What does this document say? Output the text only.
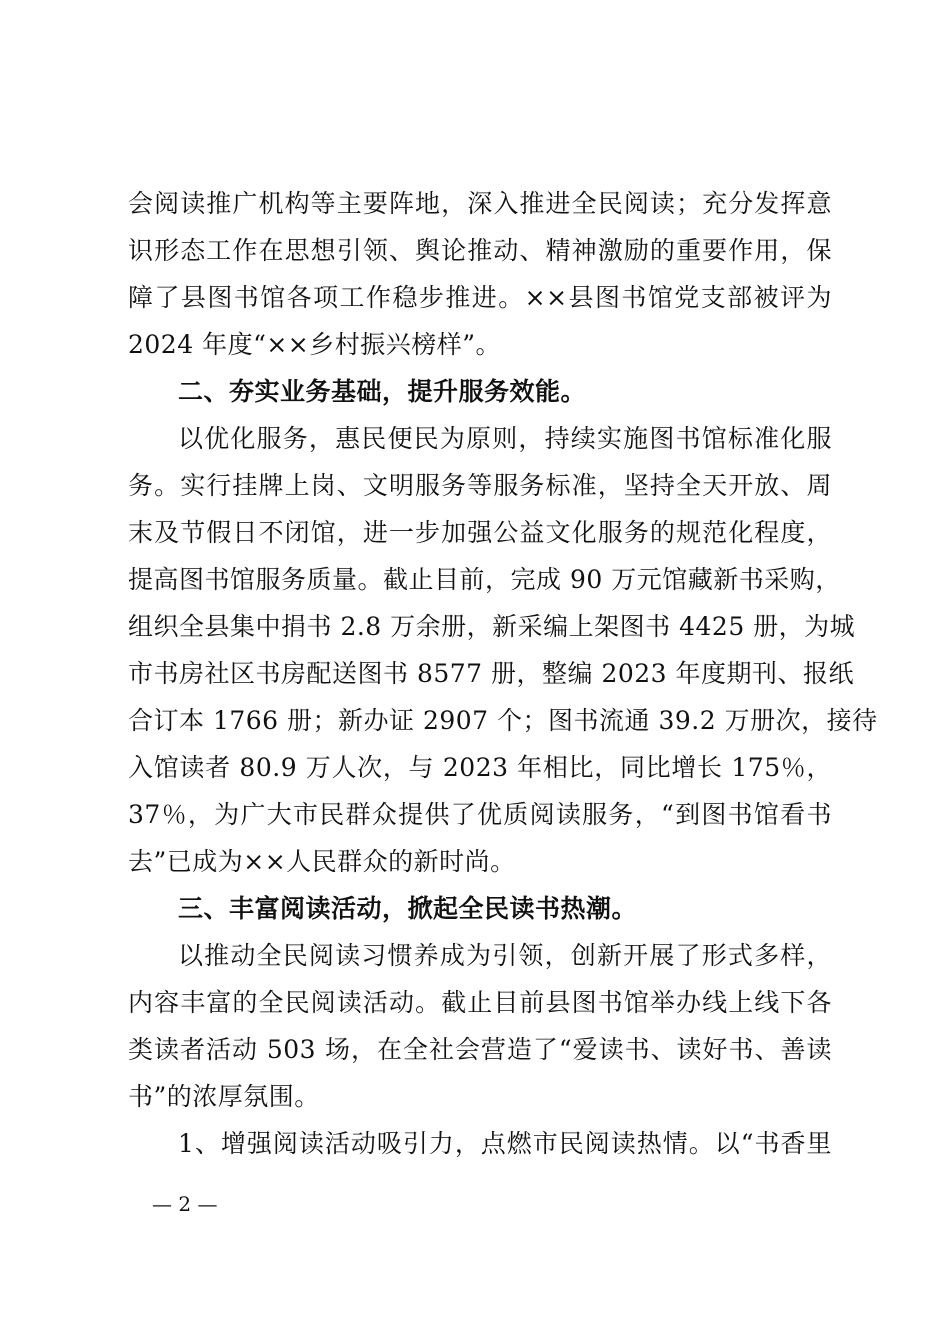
会阅读推广机构等主要阵地，深入推进全民阅读；充分发挥意
识形态工作在思想引领、舆论推动、精神激励的重要作用，保
障了县图书馆各项工作稳步推进。××县图书馆党支部被评为
2024 年度“××乡村振兴榜样”。
二、夯实业务基础，提升服务效能。
以优化服务，惠民便民为原则，持续实施图书馆标准化服
务。实行挂牌上岗、文明服务等服务标准，坚持全天开放、周
末及节假日不闭馆，进一步加强公益文化服务的规范化程度，
提高图书馆服务质量。截止目前，完成 90 万元馆藏新书采购，
组织全县集中捐书 2.8 万余册，新采编上架图书 4425 册，为城
市书房社区书房配送图书 8577 册，整编 2023 年度期刊、报纸
合订本 1766 册；新办证 2907 个；图书流通 39.2 万册次，接待
入馆读者 80.9 万人次，与 2023 年相比，同比增长 175％，
37％，为广大市民群众提供了优质阅读服务，“到图书馆看书
去”已成为××人民群众的新时尚。
三、丰富阅读活动，掀起全民读书热潮。
以推动全民阅读习惯养成为引领，创新开展了形式多样，
内容丰富的全民阅读活动。截止目前县图书馆举办线上线下各
类读者活动 503 场，在全社会营造了“爱读书、读好书、善读
书”的浓厚氛围。
1、增强阅读活动吸引力，点燃市民阅读热情。以“书香里
— 2 —
